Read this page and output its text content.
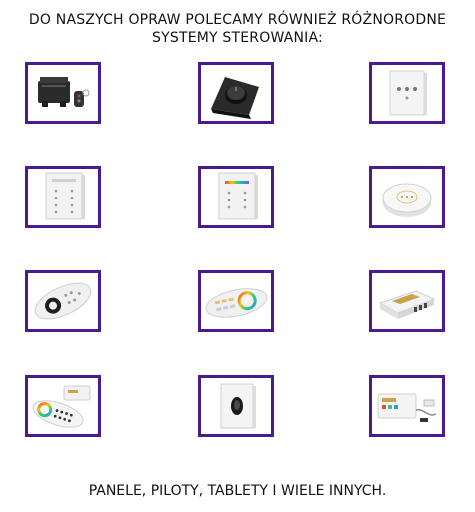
DO NASZYCH OPRAW POLECAMY RÓWNIEŻ RÓŻNORODNE
SYSTEMY STEROWANIA:
PANELE, PILOTY, TABLETY I WIELE INNYCH.
